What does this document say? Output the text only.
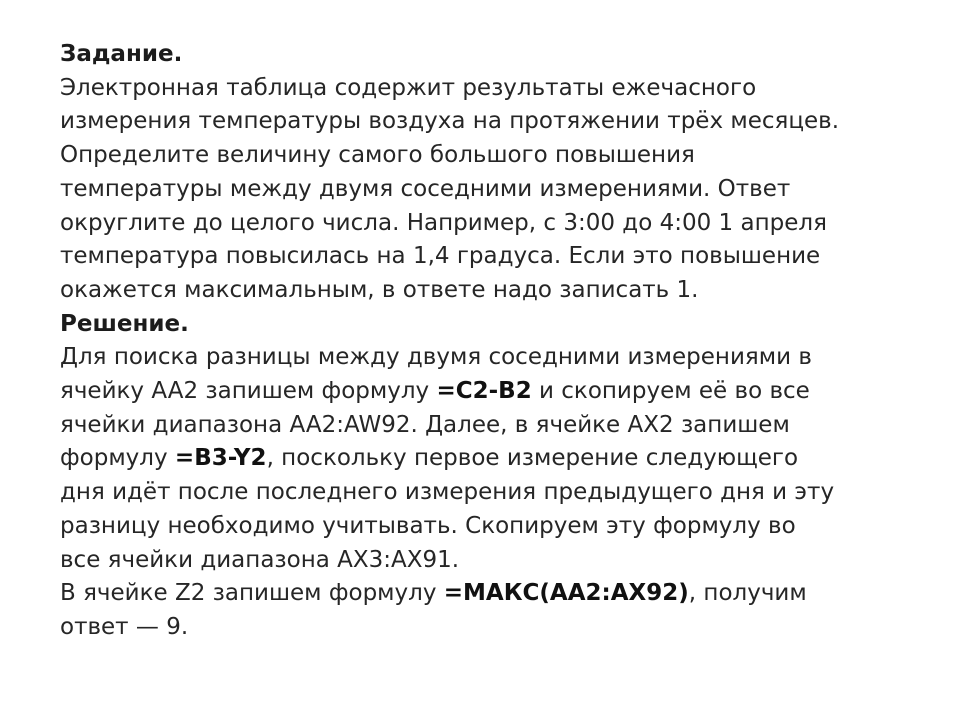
Задание.
Электронная таблица содержит результаты ежечасного
измерения температуры воздуха на протяжении трёх месяцев.
Определите величину самого большого повышения
температуры между двумя соседними измерениями. Ответ
округлите до целого числа. Например, с 3:00 до 4:00 1 апреля
температура повысилась на 1,4 градуса. Если это повышение
окажется максимальным, в ответе надо записать 1.
Решение.
Для поиска разницы между двумя соседними измерениями в
ячейку AA2 запишем формулу =C2-B2 и скопируем её во все
ячейки диапазона AA2:AW92. Далее, в ячейке AX2 запишем
формулу =B3-Y2, поскольку первое измерение следующего
дня идёт после последнего измерения предыдущего дня и эту
разницу необходимо учитывать. Скопируем эту формулу во
все ячейки диапазона AX3:AX91.
В ячейке Z2 запишем формулу =МАКС(AA2:AX92), получим
ответ — 9.
